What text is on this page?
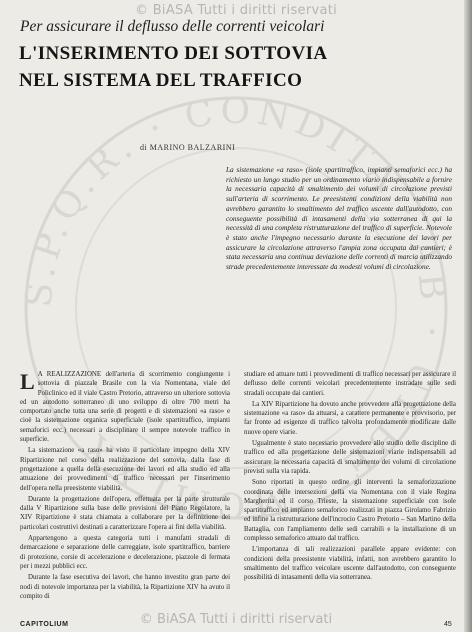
S.P.Q.R. · CONDITA · AB · URBE · MCMLXX
© BiASA Tutti i diritti riservati
Per assicurare il deflusso delle correnti veicolari
L'INSERIMENTO DEI SOTTOVIA
NEL SISTEMA DEL TRAFFICO
di MARINO BALZARINI
La sistemazione «a raso» (isole spartitraffico, impianti semaforici ecc.) ha richiesto un lungo studio per un ordinamento viario indispensabile a fornire la necessaria capacità di smaltimento dei volumi di circolazione previsti sull'arteria di scorrimento. Le preesistenti condizioni della viabilità non avrebbero garantito lo smaltimento del traffico uscente dall'autodotto, con conseguente possibilità di intasamenti della via sotterranea di qui la necessità di una completa ristrutturazione del traffico di superficie. Notevole è stato anche l'impegno necessario durante la esecuzione dei lavori per assicurare la circolazione attraverso l'ampia zona occupata dai cantieri; è stata necessaria una continua deviazione delle correnti di marcia utilizzando strade precedentemente interessate da modesti volumi di circolazione.

L A REALIZZAZIONE dell'arteria di scorrimento congiungente i sottovia di piazzale Brasile con la via Nomentana, viale del Policlinico ed il viale Castro Pretorio, attraverso un ulteriore sottovia ed un autodotto sotterraneo di uno sviluppo di oltre 700 metri ha comportato anche tutta una serie di progetti e di sistemazioni «a raso» e cioè la sistemazione organica superficiale (isole spartitraffico, impianti semaforici ecc.) necessari a disciplinare il sempre notevole traffico in superficie.

La sistemazione «a raso» ha visto il particolare impegno della XIV Ripartizione nel corso della realizzazione del sottovia, dalla fase di progettazione a quella della esecuzione dei lavori ed alla studio ed alla attuazione dei provvedimenti di traffico necessari per l'inserimento dell'opera nella preesistente viabilità.

Durante la progettazione dell'opera, effettuata per la parte strutturale dalla V Ripartizione sulla base delle previsioni del Piano Regolatore, la XIV Ripartizione è stata chiamata a collaborare per la definizione dei particolari costruttivi destinati a caratterizzare l'opera ai fini della viabilità.

Appartengono a questa categoria tutti i manufatti stradali di demarcazione e separazione delle carreggiate, isole spartitraffico, barriere di protezione, corsie di accelerazione e decelerazione, piazzole di fermata per i mezzi pubblici ecc.

Durante la fase esecutiva dei lavori, che hanno investito gran parte dei nodi di notevole importanza per la viabilità, la Ripartizione XIV ha avuto il compito di

studiare ed attuare tutti i provvedimenti di traffico necessari per assicurare il deflusso delle correnti veicolari precedentemente instradate sulle sedi stradali occupate dai cantieri.

La XIV Ripartizione ha dovuto anche provvedere alla progettazione della sistemazione «a raso» da attuarsi, a carattere permanente e provvisorio, per far fronte ad esigenze di traffico talvolta profondamente modificate dalle nuove opere viarie.

Ugualmente è stato necessario provvedere allo studio delle discipline di traffico ed alla progettazione delle sistemazioni viarie indispensabili ad assicurare la necessaria capacità di smaltimento dei volumi di circolazione previsti sulla via rapida.

Sono riportati in questo ordine gli interventi la semaforizzazione coordinata delle intersezioni della via Nomentana con il viale Regina Margherita ed il corso Trieste, la sistemazione superficiale con isole spartitraffico ed impianto semaforico realizzati in piazza Girolamo Fabrizio ed infine la ristrutturazione dell'incrocio Castro Pretorio – San Martino della Battaglia, con l'ampliamento delle sedi carrabili e la installazione di un complesso semaforico attuato dal traffico.

L'importanza di tali realizzazioni parallele appare evidente: con condizioni della preesistente viabilità, infatti, non avrebbero garantito lo smaltimento del traffico veicolare uscente dall'autodotto, con conseguente possibilità di intasamenti della via sotterranea.

CAPITOLIUM	45
© BiASA Tutti i diritti riservati
